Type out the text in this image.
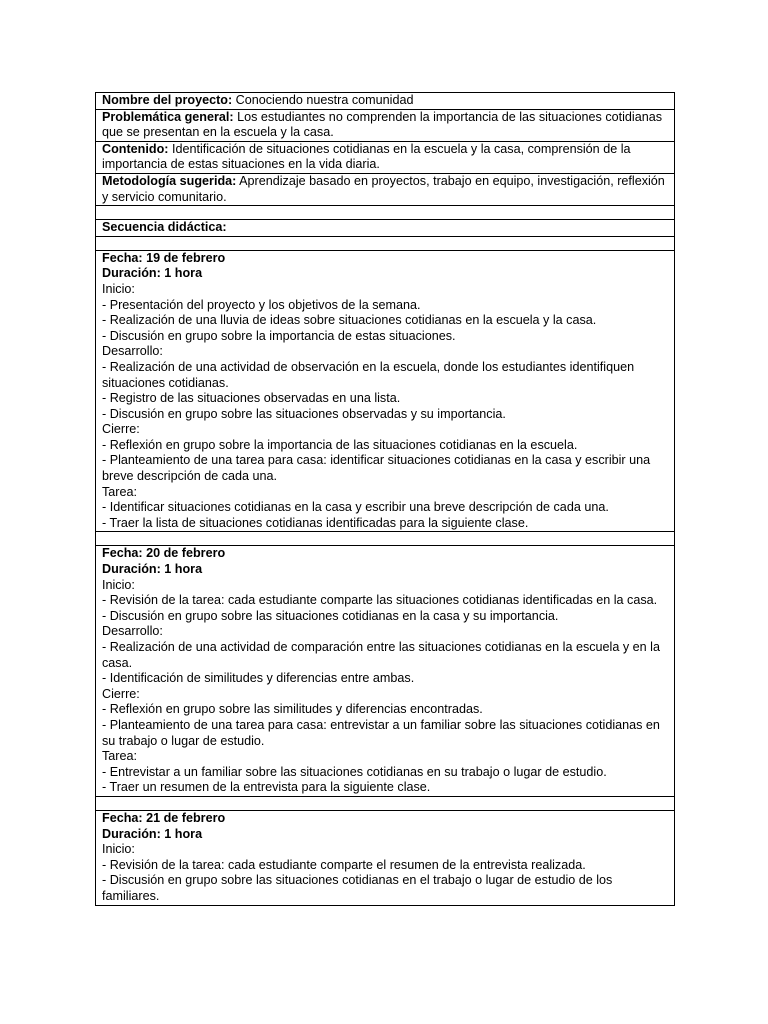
Nombre del proyecto: Conociendo nuestra comunidad
Problemática general: Los estudiantes no comprenden la importancia de las situaciones cotidianas que se presentan en la escuela y la casa.
Contenido: Identificación de situaciones cotidianas en la escuela y la casa, comprensión de la importancia de estas situaciones en la vida diaria.
Metodología sugerida: Aprendizaje basado en proyectos, trabajo en equipo, investigación, reflexión y servicio comunitario.

Secuencia didáctica:

Fecha: 19 de febrero
Duración: 1 hora
Inicio:
- Presentación del proyecto y los objetivos de la semana.
- Realización de una lluvia de ideas sobre situaciones cotidianas en la escuela y la casa.
- Discusión en grupo sobre la importancia de estas situaciones.
Desarrollo:
- Realización de una actividad de observación en la escuela, donde los estudiantes identifiquen situaciones cotidianas.
- Registro de las situaciones observadas en una lista.
- Discusión en grupo sobre las situaciones observadas y su importancia.
Cierre:
- Reflexión en grupo sobre la importancia de las situaciones cotidianas en la escuela.
- Planteamiento de una tarea para casa: identificar situaciones cotidianas en la casa y escribir una breve descripción de cada una.
Tarea:
- Identificar situaciones cotidianas en la casa y escribir una breve descripción de cada una.
- Traer la lista de situaciones cotidianas identificadas para la siguiente clase.

Fecha: 20 de febrero
Duración: 1 hora
Inicio:
- Revisión de la tarea: cada estudiante comparte las situaciones cotidianas identificadas en la casa.
- Discusión en grupo sobre las situaciones cotidianas en la casa y su importancia.
Desarrollo:
- Realización de una actividad de comparación entre las situaciones cotidianas en la escuela y en la casa.
- Identificación de similitudes y diferencias entre ambas.
Cierre:
- Reflexión en grupo sobre las similitudes y diferencias encontradas.
- Planteamiento de una tarea para casa: entrevistar a un familiar sobre las situaciones cotidianas en su trabajo o lugar de estudio.
Tarea:
- Entrevistar a un familiar sobre las situaciones cotidianas en su trabajo o lugar de estudio.
- Traer un resumen de la entrevista para la siguiente clase.

Fecha: 21 de febrero
Duración: 1 hora
Inicio:
- Revisión de la tarea: cada estudiante comparte el resumen de la entrevista realizada.
- Discusión en grupo sobre las situaciones cotidianas en el trabajo o lugar de estudio de los familiares.
